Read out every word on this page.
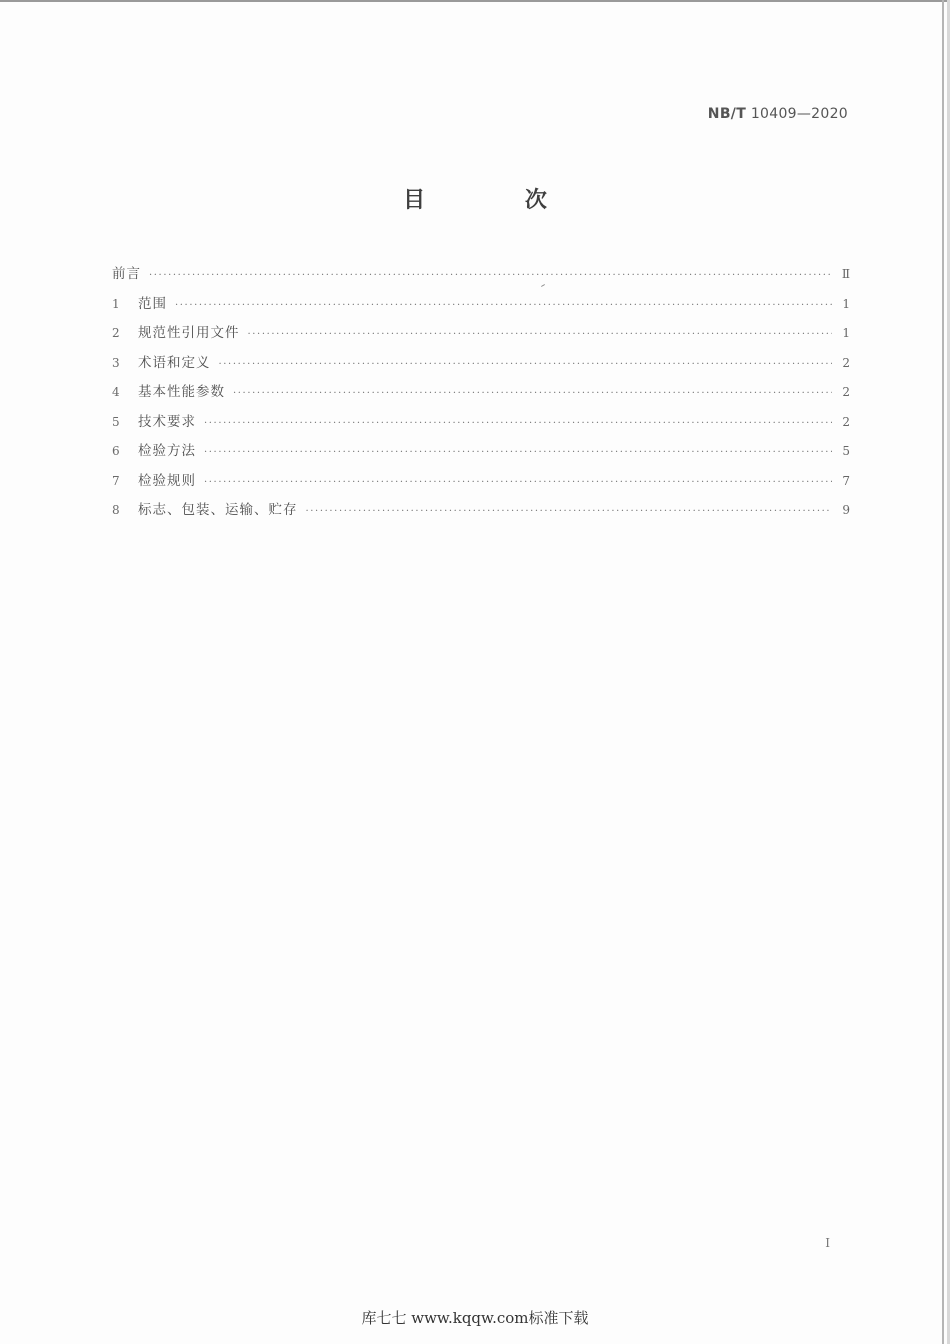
NB/T 10409—2020
目 次
前言 ·····	Ⅱ
1	范围 ·····	1
2	规范性引用文件 ·····	1
3	术语和定义 ·····	2
4	基本性能参数 ·····	2
5	技术要求 ·····	2
6	检验方法 ·····	5
7	检验规则 ·····	7
8	标志、包装、运输、贮存 ·····	9
I
库七七 www.kqqw.com标准下载
